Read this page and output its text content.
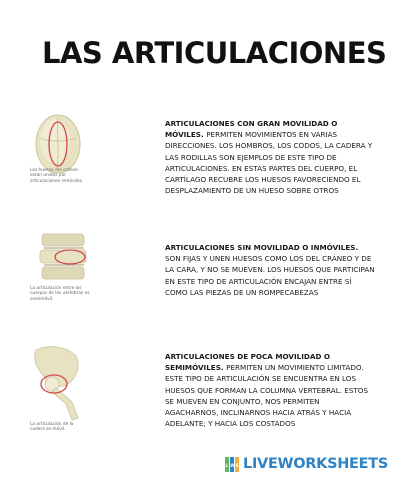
LAS ARTICULACIONES
Los huesos del cráneo están unidos por articulaciones inmóviles.
La articulación entre los cuerpos de las vértebras es semimóvil.
La articulación de la cadera es móvil.
ARTICULACIONES CON GRAN MOVILIDAD O MÓVILES. PERMITEN MOVIMIENTOS EN VARIAS DIRECCIONES. LOS HOMBROS, LOS CODOS, LA CADERA Y LAS RODILLAS SON EJEMPLOS DE ESTE TIPO DE ARTICULACIONES. EN ESTAS PARTES DEL CUERPO, EL CARTÍLAGO RECUBRE LOS HUESOS FAVORECIENDO EL DESPLAZAMIENTO DE UN HUESO SOBRE OTROS
ARTICULACIONES SIN MOVILIDAD O INMÓVILES. SON FIJAS Y UNEN HUESOS COMO LOS DEL CRÁNEO Y DE LA CARA, Y NO SE MUEVEN. LOS HUESOS QUE PARTICIPAN EN ESTE TIPO DE ARTICULACIÓN ENCAJAN ENTRE SÍ COMO LAS PIEZAS DE UN ROMPECABEZAS
ARTICULACIONES DE POCA MOVILIDAD O SEMIMÓVILES. PERMITEN UN MOVIMIENTO LIMITADO. ESTE TIPO DE ARTICULACIÓN SE ENCUENTRA EN LOS HUESOS QUE FORMAN LA COLUMNA VERTEBRAL. ESTOS SE MUEVEN EN CONJUNTO, NOS PERMITEN AGACHARNOS, INCLINARNOS HACIA ATRÁS Y HACIA ADELANTE; Y HACIA LOS COSTADOS
L W S LIVEWORKSHEETS
